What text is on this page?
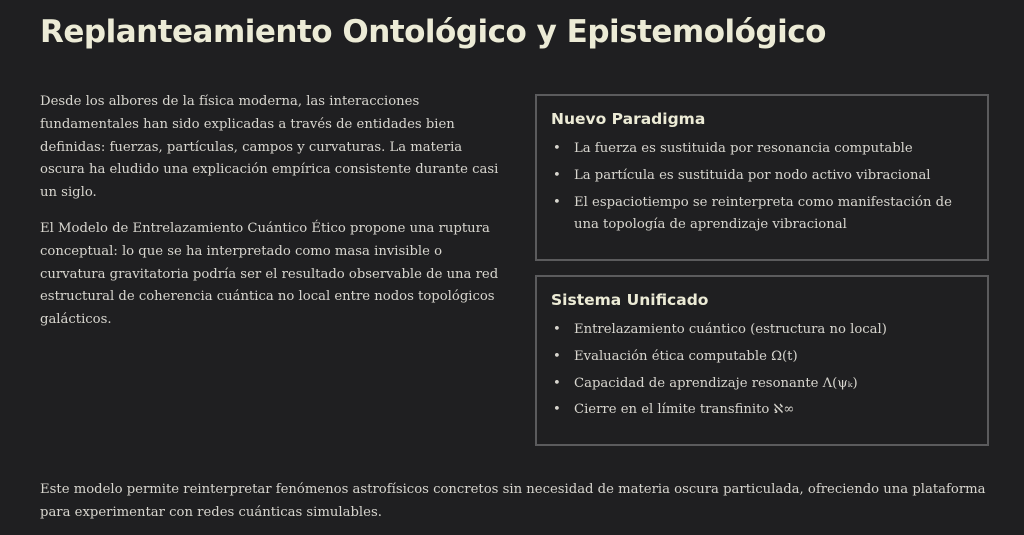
Replanteamiento Ontológico y Epistemológico

Desde los albores de la física moderna, las interacciones fundamentales han sido explicadas a través de entidades bien definidas: fuerzas, partículas, campos y curvaturas. La materia oscura ha eludido una explicación empírica consistente durante casi un siglo.

El Modelo de Entrelazamiento Cuántico Ético propone una ruptura conceptual: lo que se ha interpretado como masa invisible o curvatura gravitatoria podría ser el resultado observable de una red estructural de coherencia cuántica no local entre nodos topológicos galácticos.

Nuevo Paradigma
• La fuerza es sustituida por resonancia computable
• La partícula es sustituida por nodo activo vibracional
• El espaciotiempo se reinterpreta como manifestación de una topología de aprendizaje vibracional
Sistema Unificado
• Entrelazamiento cuántico (estructura no local)
• Evaluación ética computable Ω(t)
• Capacidad de aprendizaje resonante Λ(ψₖ)
• Cierre en el límite transfinito ℵ∞

Este modelo permite reinterpretar fenómenos astrofísicos concretos sin necesidad de materia oscura particulada, ofreciendo una plataforma para experimentar con redes cuánticas simulables.
